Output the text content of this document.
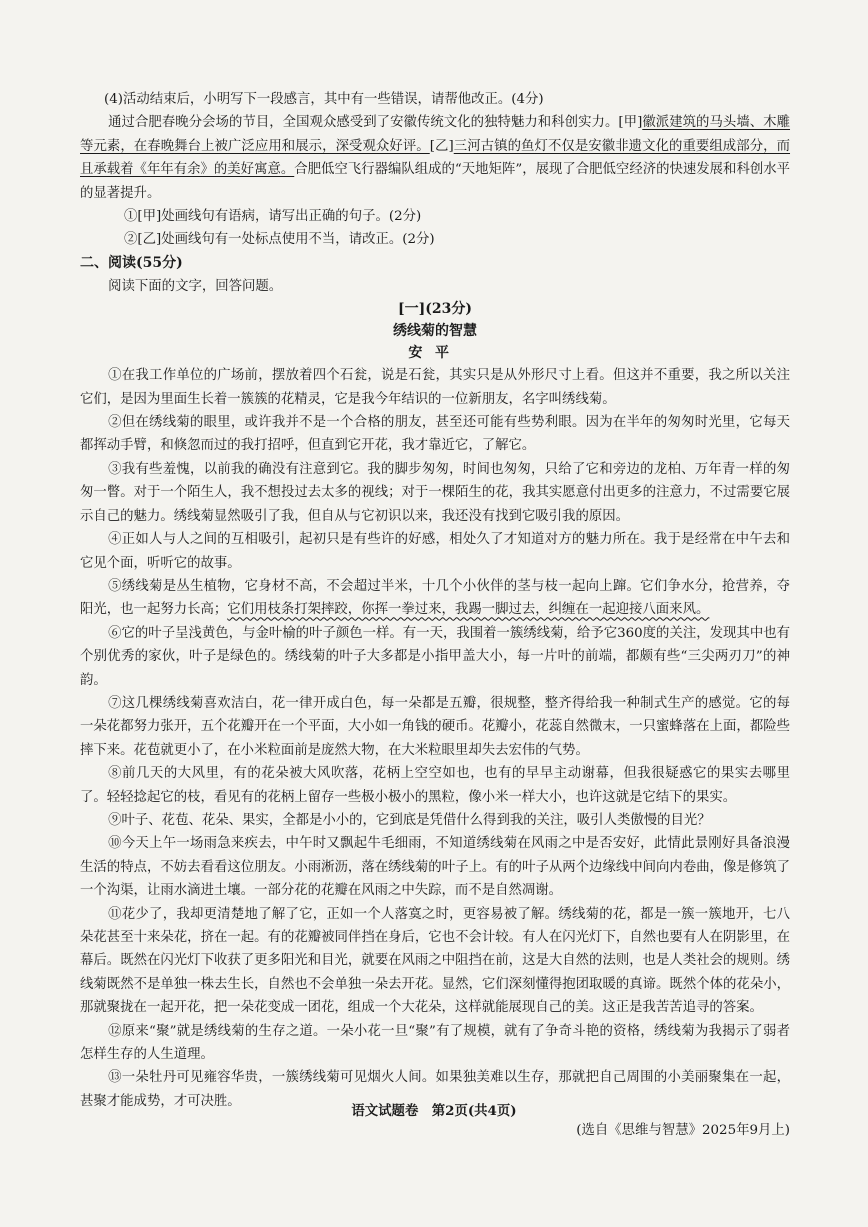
(4)活动结束后，小明写下一段感言，其中有一些错误，请帮他改正。(4分)

通过合肥春晚分会场的节目，全国观众感受到了安徽传统文化的独特魅力和科创实力。[甲]徽派建筑的马头墙、木雕等元素，在春晚舞台上被广泛应用和展示，深受观众好评。[乙]三河古镇的鱼灯不仅是安徽非遗文化的重要组成部分，而且承载着《年年有余》的美好寓意。合肥低空飞行器编队组成的“天地矩阵”，展现了合肥低空经济的快速发展和科创水平的显著提升。

①[甲]处画线句有语病，请写出正确的句子。(2分)

②[乙]处画线句有一处标点使用不当，请改正。(2分)

二、阅读(55分)

阅读下面的文字，回答问题。

[一](23分)

绣线菊的智慧

安平

①在我工作单位的广场前，摆放着四个石瓮，说是石瓮，其实只是从外形尺寸上看。但这并不重要，我之所以关注它们，是因为里面生长着一簇簇的花精灵，它是我今年结识的一位新朋友，名字叫绣线菊。

②但在绣线菊的眼里，或许我并不是一个合格的朋友，甚至还可能有些势利眼。因为在半年的匆匆时光里，它每天都挥动手臂，和倏忽而过的我打招呼，但直到它开花，我才靠近它，了解它。

③我有些羞愧，以前我的确没有注意到它。我的脚步匆匆，时间也匆匆，只给了它和旁边的龙柏、万年青一样的匆匆一瞥。对于一个陌生人，我不想投过去太多的视线；对于一棵陌生的花，我其实愿意付出更多的注意力，不过需要它展示自己的魅力。绣线菊显然吸引了我，但自从与它初识以来，我还没有找到它吸引我的原因。

④正如人与人之间的互相吸引，起初只是有些许的好感，相处久了才知道对方的魅力所在。我于是经常在中午去和它见个面，听听它的故事。

⑤绣线菊是丛生植物，它身材不高，不会超过半米，十几个小伙伴的茎与枝一起向上蹿。它们争水分，抢营养，夺阳光，也一起努力长高；它们用枝条打架摔跤，你挥一拳过来，我踢一脚过去，纠缠在一起迎接八面来风。

⑥它的叶子呈浅黄色，与金叶榆的叶子颜色一样。有一天，我围着一簇绣线菊，给予它360度的关注，发现其中也有个别优秀的家伙，叶子是绿色的。绣线菊的叶子大多都是小指甲盖大小，每一片叶的前端，都颇有些“三尖两刃刀”的神韵。

⑦这几棵绣线菊喜欢洁白，花一律开成白色，每一朵都是五瓣，很规整，整齐得给我一种制式生产的感觉。它的每一朵花都努力张开，五个花瓣开在一个平面，大小如一角钱的硬币。花瓣小，花蕊自然微末，一只蜜蜂落在上面，都险些摔下来。花苞就更小了，在小米粒面前是庞然大物，在大米粒眼里却失去宏伟的气势。

⑧前几天的大风里，有的花朵被大风吹落，花柄上空空如也，也有的早早主动谢幕，但我很疑惑它的果实去哪里了。轻轻捻起它的枝，看见有的花柄上留存一些极小极小的黑粒，像小米一样大小，也许这就是它结下的果实。

⑨叶子、花苞、花朵、果实，全都是小小的，它到底是凭借什么得到我的关注，吸引人类傲慢的目光？

⑩今天上午一场雨急来疾去，中午时又飘起牛毛细雨，不知道绣线菊在风雨之中是否安好，此情此景刚好具备浪漫生活的特点，不妨去看看这位朋友。小雨淅沥，落在绣线菊的叶子上。有的叶子从两个边缘线中间向内卷曲，像是修筑了一个沟渠，让雨水滴进土壤。一部分花的花瓣在风雨之中失踪，而不是自然凋谢。

⑪花少了，我却更清楚地了解了它，正如一个人落寞之时，更容易被了解。绣线菊的花，都是一簇一簇地开，七八朵花甚至十来朵花，挤在一起。有的花瓣被同伴挡在身后，它也不会计较。有人在闪光灯下，自然也要有人在阴影里，在幕后。既然在闪光灯下收获了更多阳光和目光，就要在风雨之中阻挡在前，这是大自然的法则，也是人类社会的规则。绣线菊既然不是单独一株去生长，自然也不会单独一朵去开花。显然，它们深刻懂得抱团取暖的真谛。既然个体的花朵小，那就聚拢在一起开花，把一朵花变成一团花，组成一个大花朵，这样就能展现自己的美。这正是我苦苦追寻的答案。

⑫原来“聚”就是绣线菊的生存之道。一朵小花一旦“聚”有了规模，就有了争奇斗艳的资格，绣线菊为我揭示了弱者怎样生存的人生道理。

⑬一朵牡丹可见雍容华贵，一簇绣线菊可见烟火人间。如果独美难以生存，那就把自己周围的小美丽聚集在一起，甚聚才能成势，才可决胜。

(选自《思维与智慧》2025年9月上)

语文试题卷　第2页(共4页)
